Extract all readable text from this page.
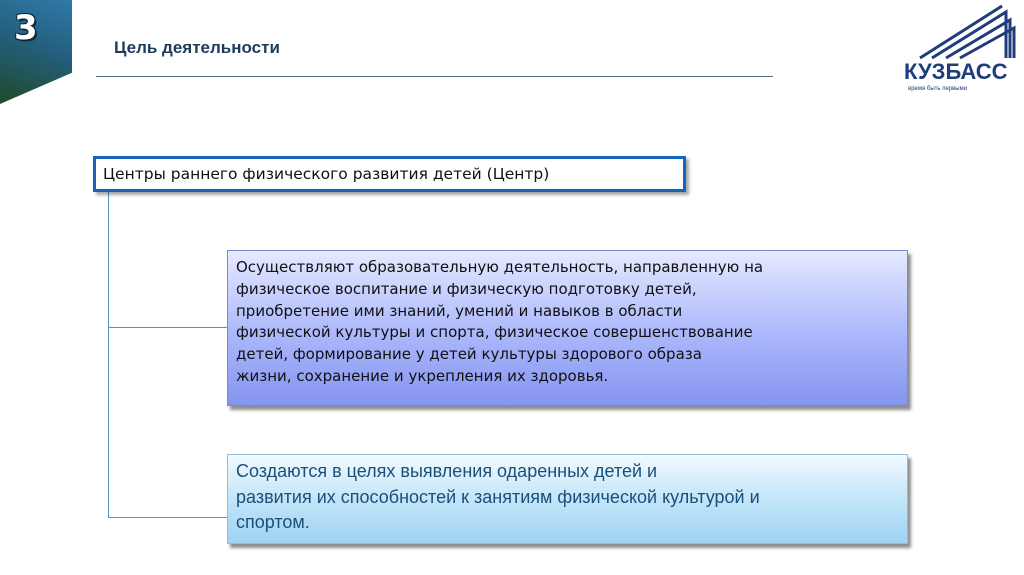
3	Цель деятельности
КУЗБАСС
время быть первыми
Центры раннего физического развития детей (Центр)
Осуществляют образовательную деятельность, направленную на
физическое воспитание и физическую подготовку детей,
приобретение ими знаний, умений и навыков в области
физической культуры и спорта, физическое совершенствование
детей, формирование у детей культуры здорового образа
жизни, сохранение и укрепления их здоровья.
Создаются в целях выявления одаренных детей и
развития их способностей к занятиям физической культурой и
спортом.
